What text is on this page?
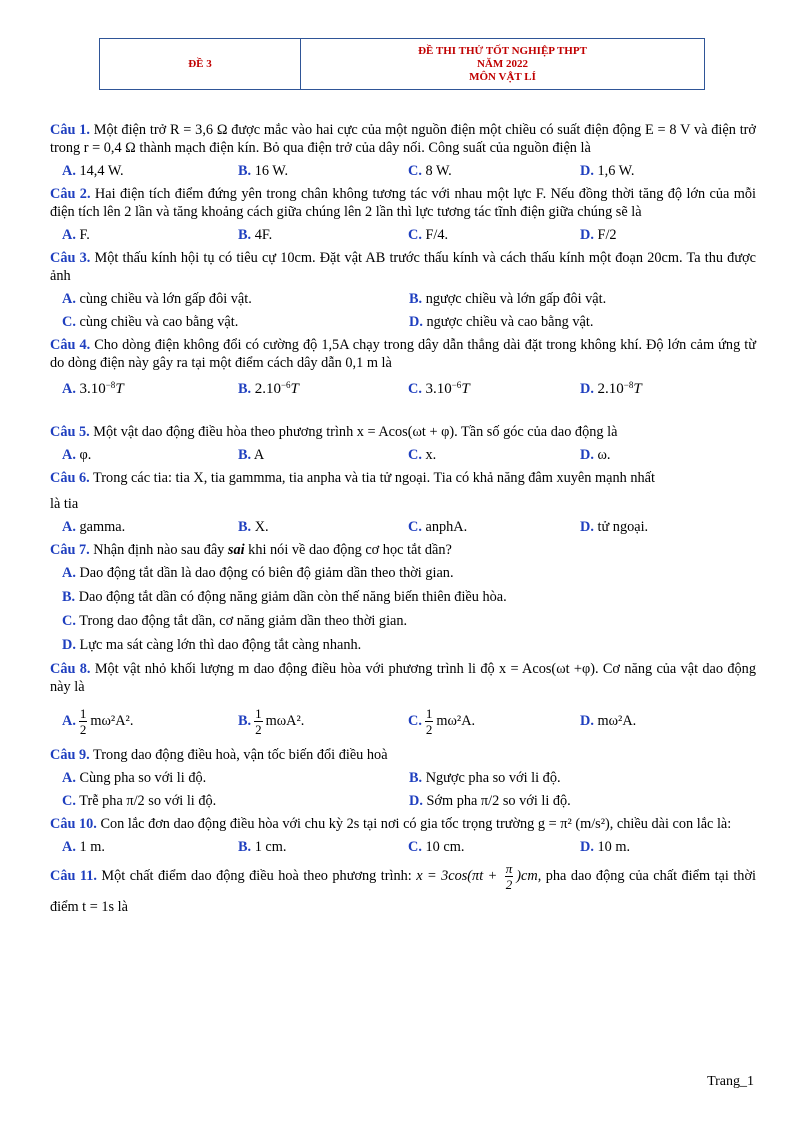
ĐỀ 3
ĐỀ THI THỬ TỐT NGHIỆP THPT
NĂM 2022
MÔN VẬT LÍ
Câu 1. Một điện trở R = 3,6 Ω được mắc vào hai cực của một nguồn điện một chiều có suất điện động E = 8 V và điện trở trong r = 0,4 Ω thành mạch điện kín. Bỏ qua điện trở của dây nối. Công suất của nguồn điện là
A. 14,4 W.	B. 16 W.	C. 8 W.	D. 1,6 W.
Câu 2. Hai điện tích điểm đứng yên trong chân không tương tác với nhau một lực F. Nếu đồng thời tăng độ lớn của mỗi điện tích lên 2 lần và tăng khoảng cách giữa chúng lên 2 lần thì lực tương tác tĩnh điện giữa chúng sẽ là
A. F.	B. 4F.	C. F/4.	D. F/2
Câu 3. Một thấu kính hội tụ có tiêu cự 10cm. Đặt vật AB trước thấu kính và cách thấu kính một đoạn 20cm. Ta thu được ảnh
A. cùng chiều và lớn gấp đôi vật.	B. ngược chiều và lớn gấp đôi vật.
C. cùng chiều và cao bằng vật.	D. ngược chiều và cao bằng vật.
Câu 4. Cho dòng điện không đổi có cường độ 1,5A chạy trong dây dẫn thẳng dài đặt trong không khí. Độ lớn cảm ứng từ do dòng điện này gây ra tại một điểm cách dây dẫn 0,1 m là
A. $3.10^{-8}T$	B. $2.10^{-6}T$	C. $3.10^{-6}T$	D. $2.10^{-8}T$
Câu 5. Một vật dao động điều hòa theo phương trình x = Acos(ωt + φ). Tần số góc của dao động là
A. φ.	B. A	C. x.	D. ω.
Câu 6. Trong các tia: tia X, tia gammma, tia anpha và tia tử ngoại. Tia có khả năng đâm xuyên mạnh nhất
là tia
A. gamma.	B. X.	C. anphA.	D. tử ngoại.
Câu 7. Nhận định nào sau đây sai khi nói về dao động cơ học tắt dần?
A. Dao động tắt dần là dao động có biên độ giảm dần theo thời gian.
B. Dao động tắt dần có động năng giảm dần còn thế năng biến thiên điều hòa.
C. Trong dao động tắt dần, cơ năng giảm dần theo thời gian.
D. Lực ma sát càng lớn thì dao động tắt càng nhanh.
Câu 8. Một vật nhỏ khối lượng m dao động điều hòa với phương trình li độ x = Acos(ωt +φ). Cơ năng của vật dao động này là
A. $\frac{1}{2} m\omega^2A^2$.	B. $\frac{1}{2} m\omega A^2$.	C. $\frac{1}{2} m\omega^2A$.	D. mω²A.
Câu 9. Trong dao động điều hoà, vận tốc biến đổi điều hoà
A. Cùng pha so với li độ.	B. Ngược pha so với li độ.
C. Trễ pha π/2 so với li độ.	D. Sớm pha π/2 so với li độ.
Câu 10. Con lắc đơn dao động điều hòa với chu kỳ 2s tại nơi có gia tốc trọng trường g = π² (m/s²), chiều dài con lắc là:
A. 1 m.	B. 1 cm.	C. 10 cm.	D. 10 m.
Câu 11. Một chất điểm dao động điều hoà theo phương trình: $x = 3\cos(\pi t + \frac{\pi}{2} )cm$, pha dao động của chất điểm tại thời điểm t = 1s là
Trang_1
